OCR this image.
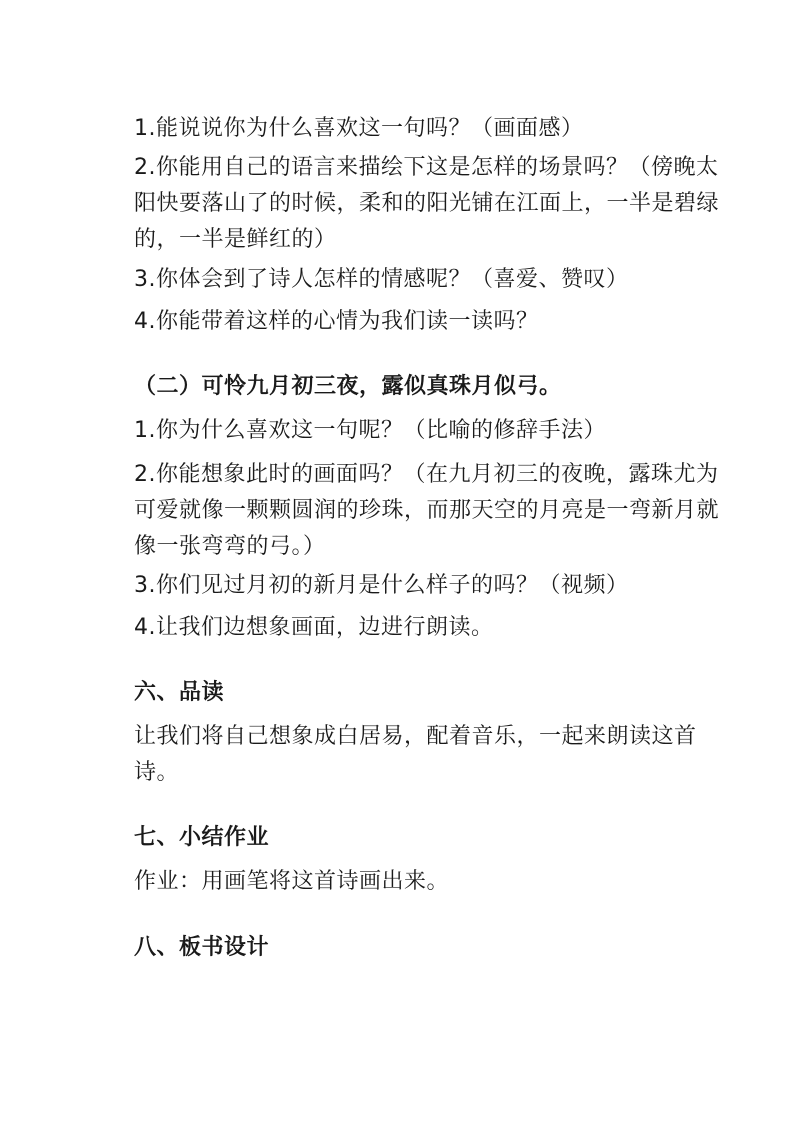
1.能说说你为什么喜欢这一句吗？（画面感）
2.你能用自己的语言来描绘下这是怎样的场景吗？（傍晚太阳快要落山了的时候，柔和的阳光铺在江面上，一半是碧绿的，一半是鲜红的）
3.你体会到了诗人怎样的情感呢？（喜爱、赞叹）
4.你能带着这样的心情为我们读一读吗？
（二）可怜九月初三夜，露似真珠月似弓。
1.你为什么喜欢这一句呢？（比喻的修辞手法）
2.你能想象此时的画面吗？（在九月初三的夜晚，露珠尤为可爱就像一颗颗圆润的珍珠，而那天空的月亮是一弯新月就像一张弯弯的弓。）
3.你们见过月初的新月是什么样子的吗？（视频）
4.让我们边想象画面，边进行朗读。
六、品读
让我们将自己想象成白居易，配着音乐，一起来朗读这首诗。
七、小结作业
作业：用画笔将这首诗画出来。
八、板书设计
